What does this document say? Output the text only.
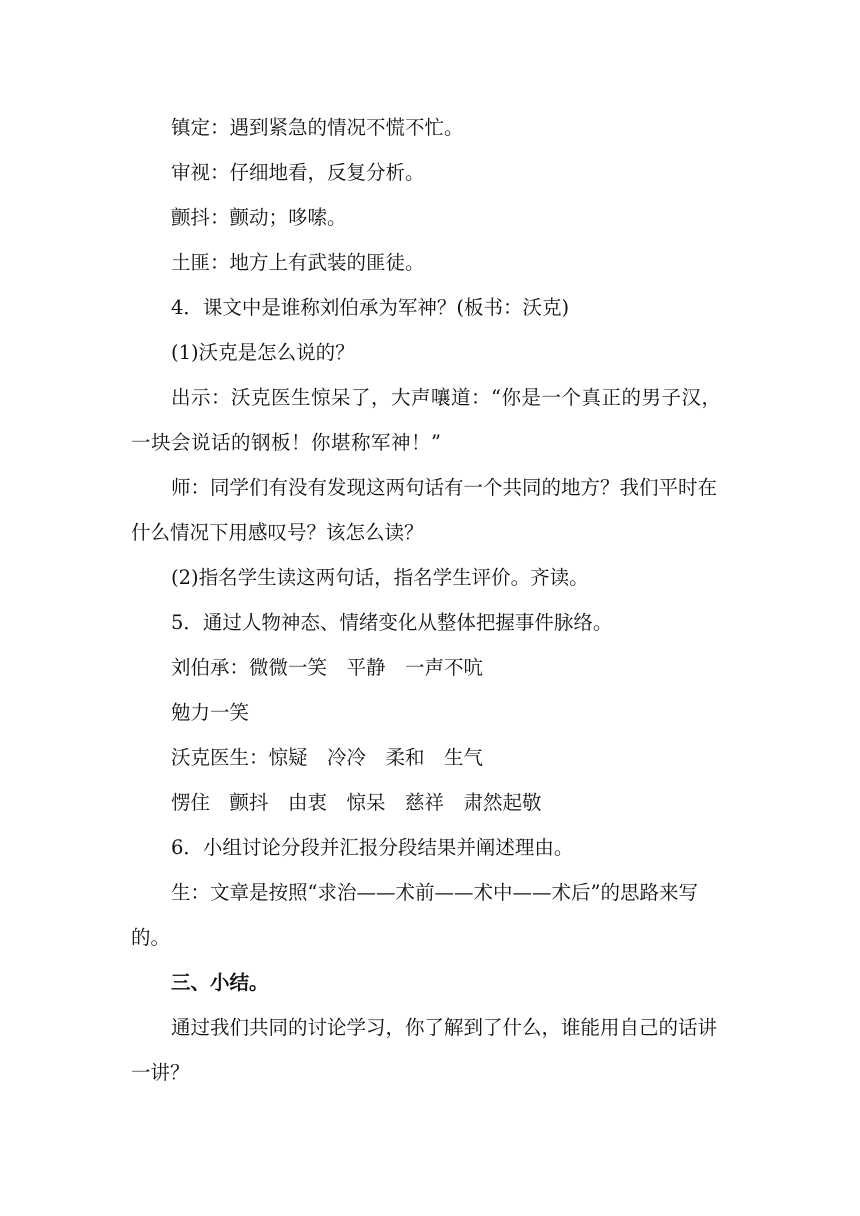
镇定：遇到紧急的情况不慌不忙。

审视：仔细地看，反复分析。

颤抖：颤动；哆嗦。

土匪：地方上有武装的匪徒。

4．课文中是谁称刘伯承为军神？(板书：沃克)

(1)沃克是怎么说的？

出示：沃克医生惊呆了，大声嚷道：“你是一个真正的男子汉，

一块会说话的钢板！你堪称军神！”

师：同学们有没有发现这两句话有一个共同的地方？我们平时在

什么情况下用感叹号？该怎么读？

(2)指名学生读这两句话，指名学生评价。齐读。

5．通过人物神态、情绪变化从整体把握事件脉络。

刘伯承：微微一笑　平静　一声不吭

勉力一笑

沃克医生：惊疑　冷冷　柔和　生气

愣住　颤抖　由衷　惊呆　慈祥　肃然起敬

6．小组讨论分段并汇报分段结果并阐述理由。

生：文章是按照“求治——术前——术中——术后”的思路来写

的。

三、小结。

通过我们共同的讨论学习，你了解到了什么，谁能用自己的话讲

一讲？
